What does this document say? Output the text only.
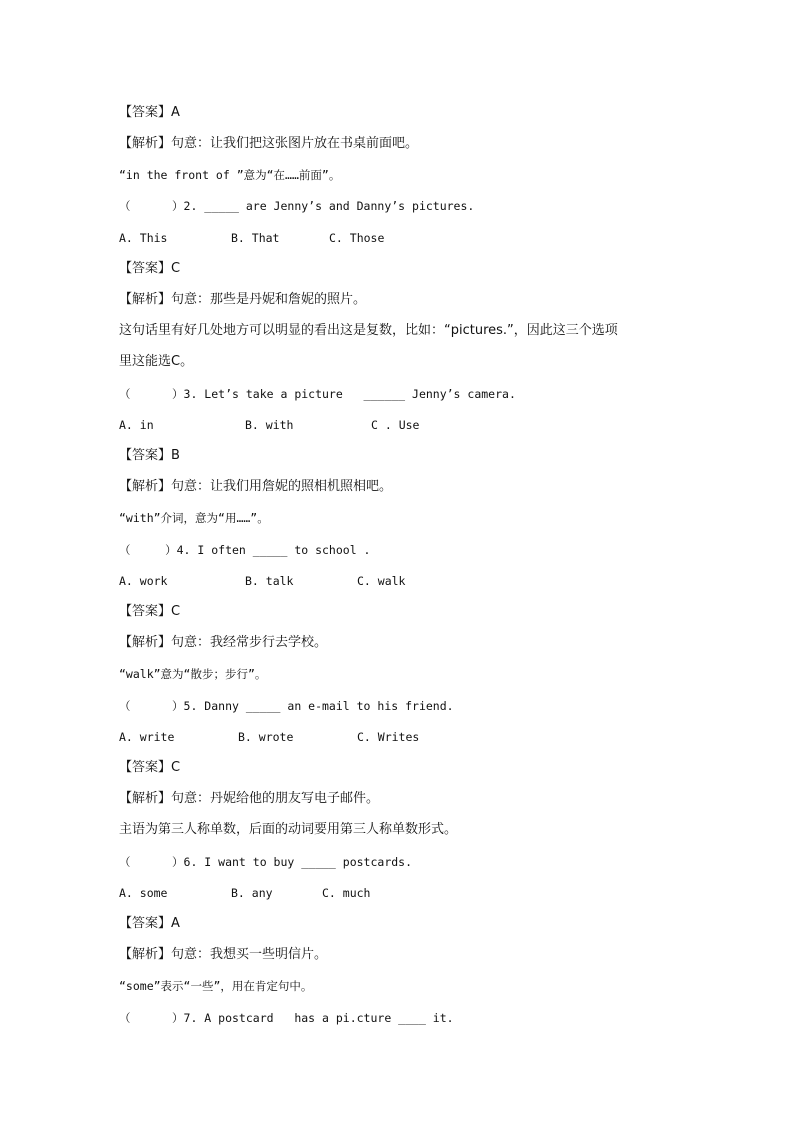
【答案】A
【解析】句意：让我们把这张图片放在书桌前面吧。
“in the front of ”意为“在……前面”。
（      ）2. _____ are Jenny’s and Danny’s pictures.

A. This

	B. That

	C. Those

【答案】C
【解析】句意：那些是丹妮和詹妮的照片。
这句话里有好几处地方可以明显的看出这是复数，比如：“pictures.”，因此这三个选项
里这能选C。
（      ）3. Let’s take a picture   ______ Jenny’s camera.

A. in

	B. with

	C . Use

【答案】B
【解析】句意：让我们用詹妮的照相机照相吧。
“with”介词，意为“用……”。
（     ）4. I often _____ to school .

A. work

	B. talk

	C. walk

【答案】C
【解析】句意：我经常步行去学校。
“walk”意为“散步；步行”。
（      ）5. Danny _____ an e-mail to his friend.

A. write

	B. wrote

	C. Writes

【答案】C
【解析】句意：丹妮给他的朋友写电子邮件。
主语为第三人称单数，后面的动词要用第三人称单数形式。
（      ）6. I want to buy _____ postcards.

A. some

	B. any

	C. much

【答案】A
【解析】句意：我想买一些明信片。
“some”表示“一些”，用在肯定句中。
（      ）7. A postcard   has a pi.cture ____ it.
